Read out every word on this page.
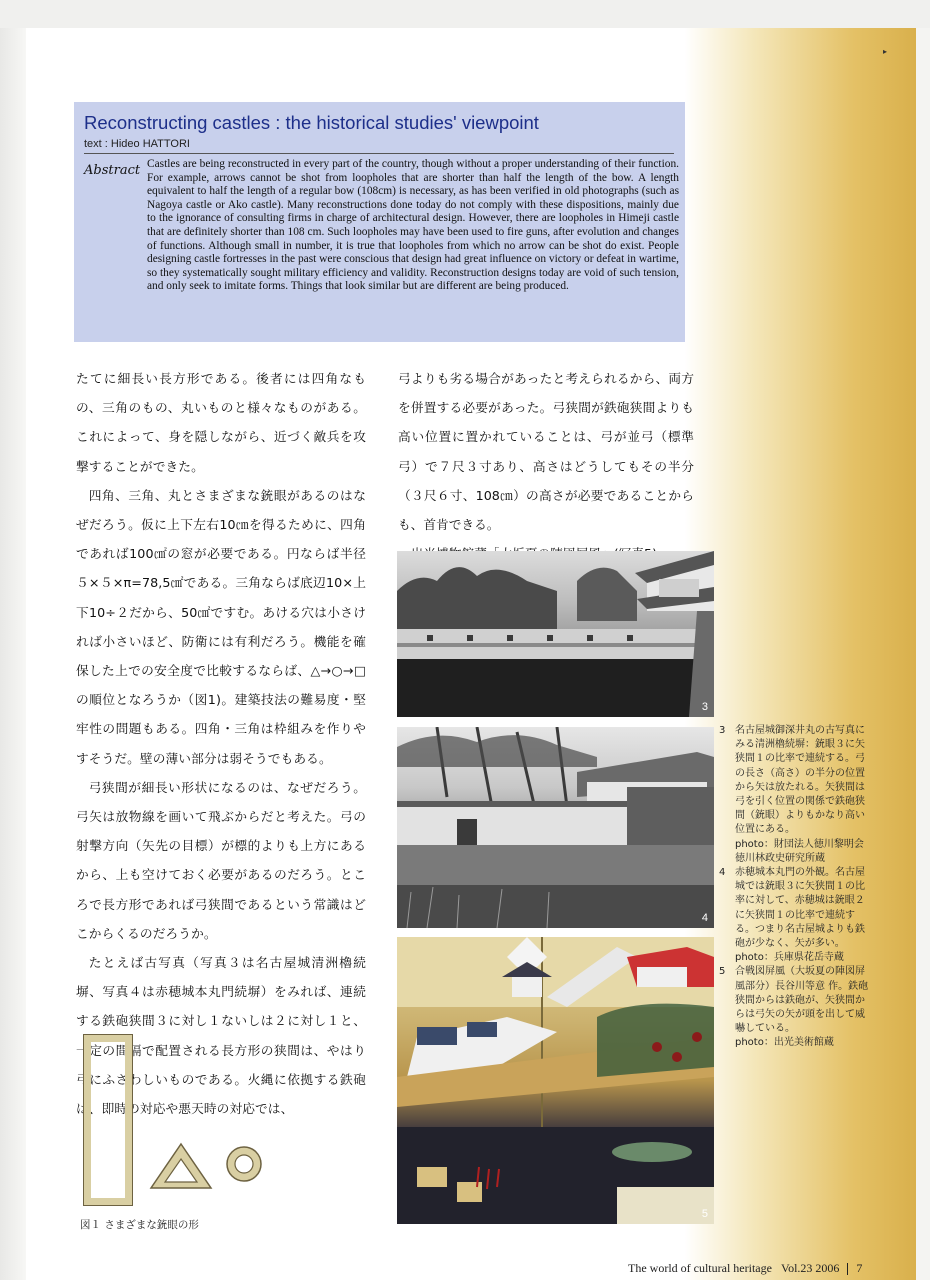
▸
Reconstructing castles : the historical studies' viewpoint
text : Hideo HATTORI
Abstract Castles are being reconstructed in every part of the country, though without a proper understanding of their function. For example, arrows cannot be shot from loopholes that are shorter than half the length of the bow. A length equivalent to half the length of a regular bow (108cm) is necessary, as has been verified in old photographs (such as Nagoya castle or Ako castle). Many reconstructions done today do not comply with these dispositions, mainly due to the ignorance of consulting firms in charge of architectural design. However, there are loopholes in Himeji castle that are definitely shorter than 108 cm. Such loopholes may have been used to fire guns, after evolution and changes of functions. Although small in number, it is true that loopholes from which no arrow can be shot do exist. People designing castle fortresses in the past were conscious that design had great influence on victory or defeat in wartime, so they systematically sought military efficiency and validity. Reconstruction designs today are void of such tension, and only seek to imitate forms. Things that look similar but are different are being produced.

たてに細長い長方形である。後者には四角なもの、三角のもの、丸いものと様々なものがある。これによって、身を隠しながら、近づく敵兵を攻撃することができた。

四角、三角、丸とさまざまな銃眼があるのはなぜだろう。仮に上下左右10㎝を得るために、四角であれば100㎠の窓が必要である。円ならば半径５×５×π=78,5㎠である。三角ならば底辺10×上下10÷２だから、50㎠ですむ。あける穴は小さければ小さいほど、防衛には有利だろう。機能を確保した上での安全度で比較するならば、△→○→□の順位となろうか（図1)。建築技法の難易度・堅牢性の問題もある。四角・三角は枠組みを作りやすそうだ。壁の薄い部分は弱そうでもある。

弓狭間が細長い形状になるのは、なぜだろう。弓矢は放物線を画いて飛ぶからだと考えた。弓の射撃方向（矢先の目標）が標的よりも上方にあるから、上も空けておく必要があるのだろう。ところで長方形であれば弓狭間であるという常識はどこからくるのだろうか。

たとえば古写真（写真３は名古屋城清洲櫓続塀、写真４は赤穂城本丸門続塀）をみれば、連続する鉄砲狭間３に対し１ないしは２に対し１と、一定の間隔で配置される長方形の狭間は、やはり弓にふさわしいものである。火縄に依拠する鉄砲は、即時の対応や悪天時の対応では、

弓よりも劣る場合があったと考えられるから、両方を併置する必要があった。弓狭間が鉄砲狭間よりも高い位置に置かれていることは、弓が並弓（標準弓）で７尺３寸あり、高さはどうしてもその半分（３尺６寸、108㎝）の高さが必要であることからも、首肯できる。

3
4
5
3 名古屋城御深井丸の古写真にみる清洲櫓続塀：銃眼３に矢狭間１の比率で連続する。弓の長さ（高さ）の半分の位置から矢は放たれる。矢狭間は弓を引く位置の関係で鉄砲狭間（銃眼）よりもかなり高い位置にある。
photo：財団法人徳川黎明会 徳川林政史研究所蔵
4 赤穂城本丸門の外観。名古屋城では銃眼３に矢狭間１の比率に対して、赤穂城は銃眼２に矢狭間１の比率で連続する。つまり名古屋城よりも鉄砲が少なく、矢が多い。
photo：兵庫県花岳寺蔵
5 合戦図屏風（大坂夏の陣図屏風部分）長谷川等意 作。鉄砲狭間からは鉄砲が、矢狭間からは弓矢の矢が頭を出して威嚇している。
photo：出光美術館蔵
図１ さまざまな銃眼の形
The world of cultural heritage Vol.23 2006 7
